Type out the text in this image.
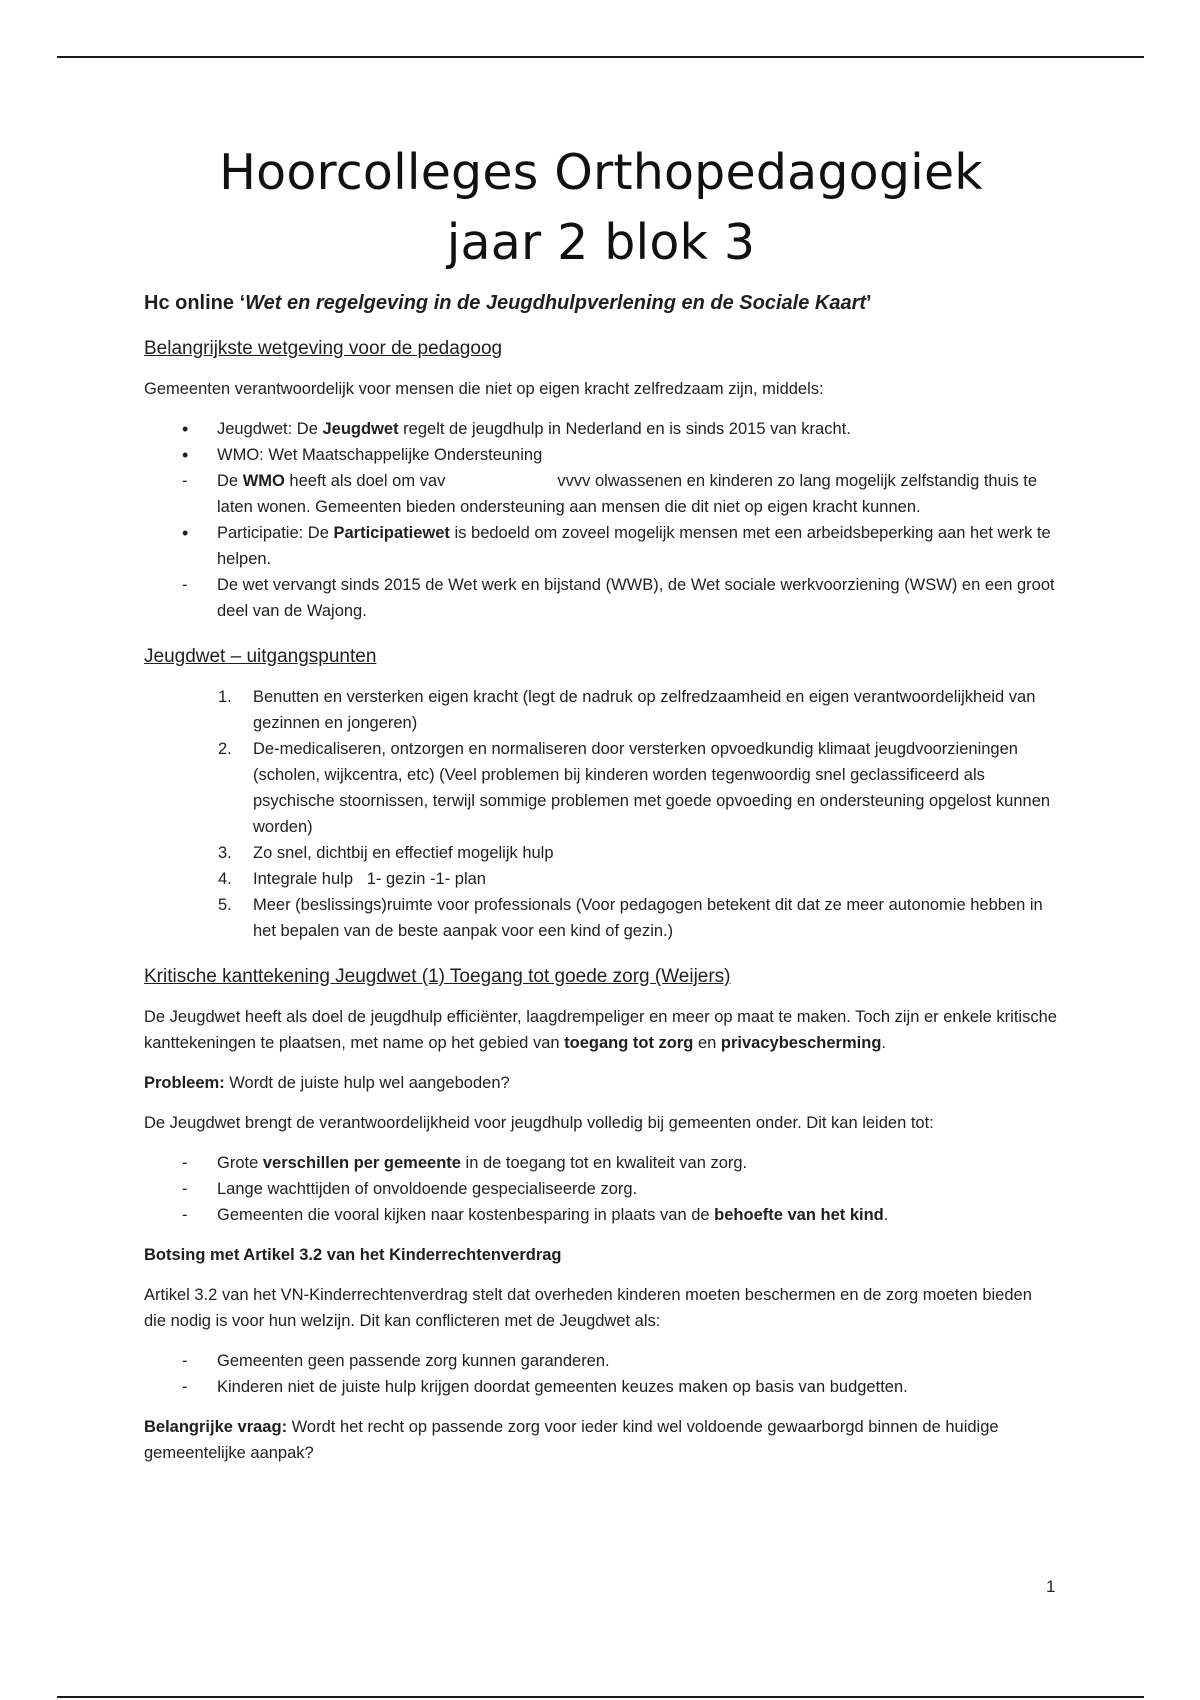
Hoorcolleges Orthopedagogiek
jaar 2 blok 3

Hc online ‘Wet en regelgeving in de Jeugdhulpverlening en de Sociale Kaart’

Belangrijkste wetgeving voor de pedagoog

Gemeenten verantwoordelijk voor mensen die niet op eigen kracht zelfredzaam zijn, middels:

•
Jeugdwet: De Jeugdwet regelt de jeugdhulp in Nederland en is sinds 2015 van kracht.
•
WMO: Wet Maatschappelijke Ondersteuning
-
De WMO heeft als doel om vav	vvvv olwassenen en kinderen zo lang mogelijk zelfstandig thuis te laten wonen. Gemeenten bieden ondersteuning aan mensen die dit niet op eigen kracht kunnen.
•
Participatie: De Participatiewet is bedoeld om zoveel mogelijk mensen met een arbeidsbeperking aan het werk te helpen.
-
De wet vervangt sinds 2015 de Wet werk en bijstand (WWB), de Wet sociale werkvoorziening (WSW) en een groot deel van de Wajong.

Jeugdwet – uitgangspunten

1. Benutten en versterken eigen kracht (legt de nadruk op zelfredzaamheid en eigen verantwoordelijkheid van gezinnen en jongeren)
2. De-medicaliseren, ontzorgen en normaliseren door versterken opvoedkundig klimaat jeugdvoorzieningen (scholen, wijkcentra, etc) (Veel problemen bij kinderen worden tegenwoordig snel geclassificeerd als psychische stoornissen, terwijl sommige problemen met goede opvoeding en ondersteuning opgelost kunnen worden)
3. Zo snel, dichtbij en effectief mogelijk hulp
4. Integrale hulp   1- gezin -1- plan
5. Meer (beslissings)ruimte voor professionals (Voor pedagogen betekent dit dat ze meer autonomie hebben in het bepalen van de beste aanpak voor een kind of gezin.)

Kritische kanttekening Jeugdwet (1) Toegang tot goede zorg (Weijers)

De Jeugdwet heeft als doel de jeugdhulp efficiënter, laagdrempeliger en meer op maat te maken. Toch zijn er enkele kritische kanttekeningen te plaatsen, met name op het gebied van toegang tot zorg en privacybescherming.

Probleem: Wordt de juiste hulp wel aangeboden?

De Jeugdwet brengt de verantwoordelijkheid voor jeugdhulp volledig bij gemeenten onder. Dit kan leiden tot:

-
Grote verschillen per gemeente in de toegang tot en kwaliteit van zorg.
-
Lange wachttijden of onvoldoende gespecialiseerde zorg.
-
Gemeenten die vooral kijken naar kostenbesparing in plaats van de behoefte van het kind.

Botsing met Artikel 3.2 van het Kinderrechtenverdrag

Artikel 3.2 van het VN-Kinderrechtenverdrag stelt dat overheden kinderen moeten beschermen en de zorg moeten bieden die nodig is voor hun welzijn. Dit kan conflicteren met de Jeugdwet als:

-
Gemeenten geen passende zorg kunnen garanderen.
-
Kinderen niet de juiste hulp krijgen doordat gemeenten keuzes maken op basis van budgetten.

Belangrijke vraag: Wordt het recht op passende zorg voor ieder kind wel voldoende gewaarborgd binnen de huidige gemeentelijke aanpak?

1
